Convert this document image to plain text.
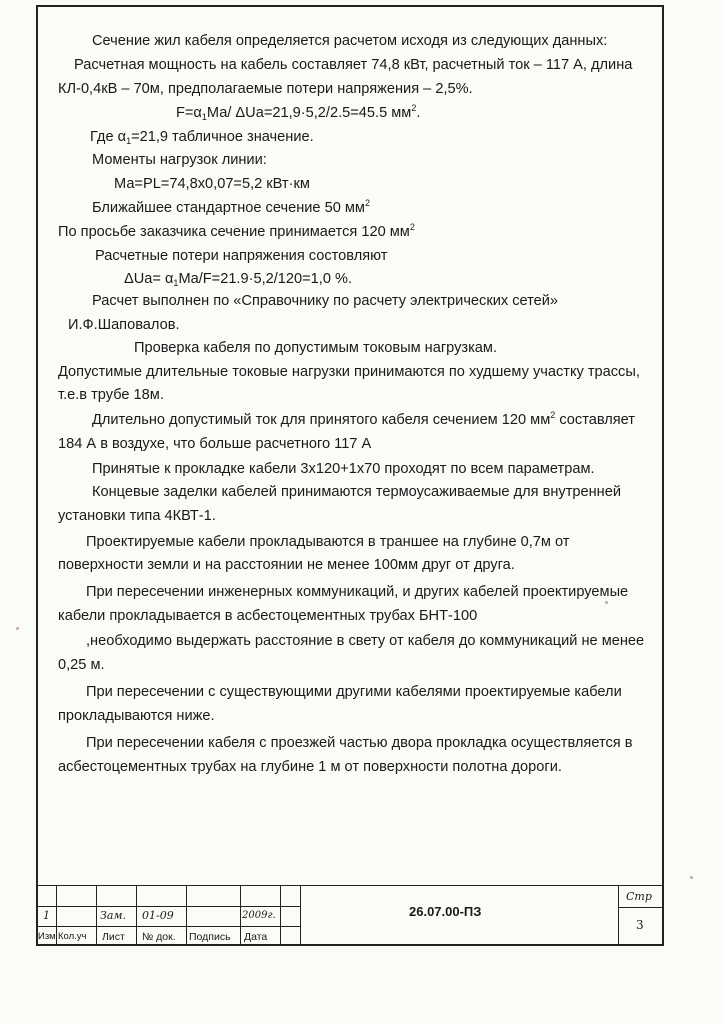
Сечение жил кабеля определяется расчетом исходя из следующих данных:
Расчетная мощность на кабель составляет 74,8 кВт, расчетный ток – 117 А, длина
КЛ-0,4кВ – 70м, предполагаемые потери напряжения – 2,5%.
$F=\alpha_1Ма/$ ΔUa=21,9·5,2/2.5=45.5 $мм^2$.
Где $\alpha_1=21,9$ табличное значение.
Моменты нагрузок линии:
Ма=PL=74,8х0,07=5,2 кВт·км
Ближайшее стандартное сечение 50 $мм^2$
По просьбе заказчика сечение принимается 120 $мм^2$
Расчетные потери напряжения состовляют
$\Delta Ua= \alpha_1Ma/F=21.9\cdot 5,2/120=1,0$ %.
Расчет выполнен по «Справочнику по расчету электрических сетей»
И.Ф.Шаповалов.
Проверка кабеля по допустимым токовым нагрузкам.
Допустимые длительные токовые нагрузки принимаются по худшему участку трассы,
т.е.в трубе 18м.
Длительно допустимый ток для принятого кабеля сечением 120 $мм^2$ составляет
184 А в воздухе, что больше расчетного 117 А
Принятые к прокладке кабели 3х120+1х70 проходят по всем параметрам.
Концевые заделки кабелей принимаются термоусаживаемые для внутренней
установки типа 4КВТ-1.
Проектируемые кабели прокладываются в траншее на глубине 0,7м от
поверхности земли и на расстоянии не менее 100мм друг от друга.
При пересечении инженерных коммуникаций, и других кабелей проектируемые
кабели прокладывается в асбестоцементных трубах БНТ-100
,необходимо выдержать расстояние в свету от кабеля до коммуникаций не менее
0,25 м.
При пересечении с существующими другими кабелями проектируемые кабели
прокладываются ниже.
При пересечении кабеля с проезжей частью двора прокладка осуществляется в
асбестоцементных трубах на глубине 1 м от поверхности полотна дороги.
1	Зам. 01-09	2009г.
Изм Кол.уч Лист № док. Подпись Дата
26.07.00-ПЗ
Стр
3
